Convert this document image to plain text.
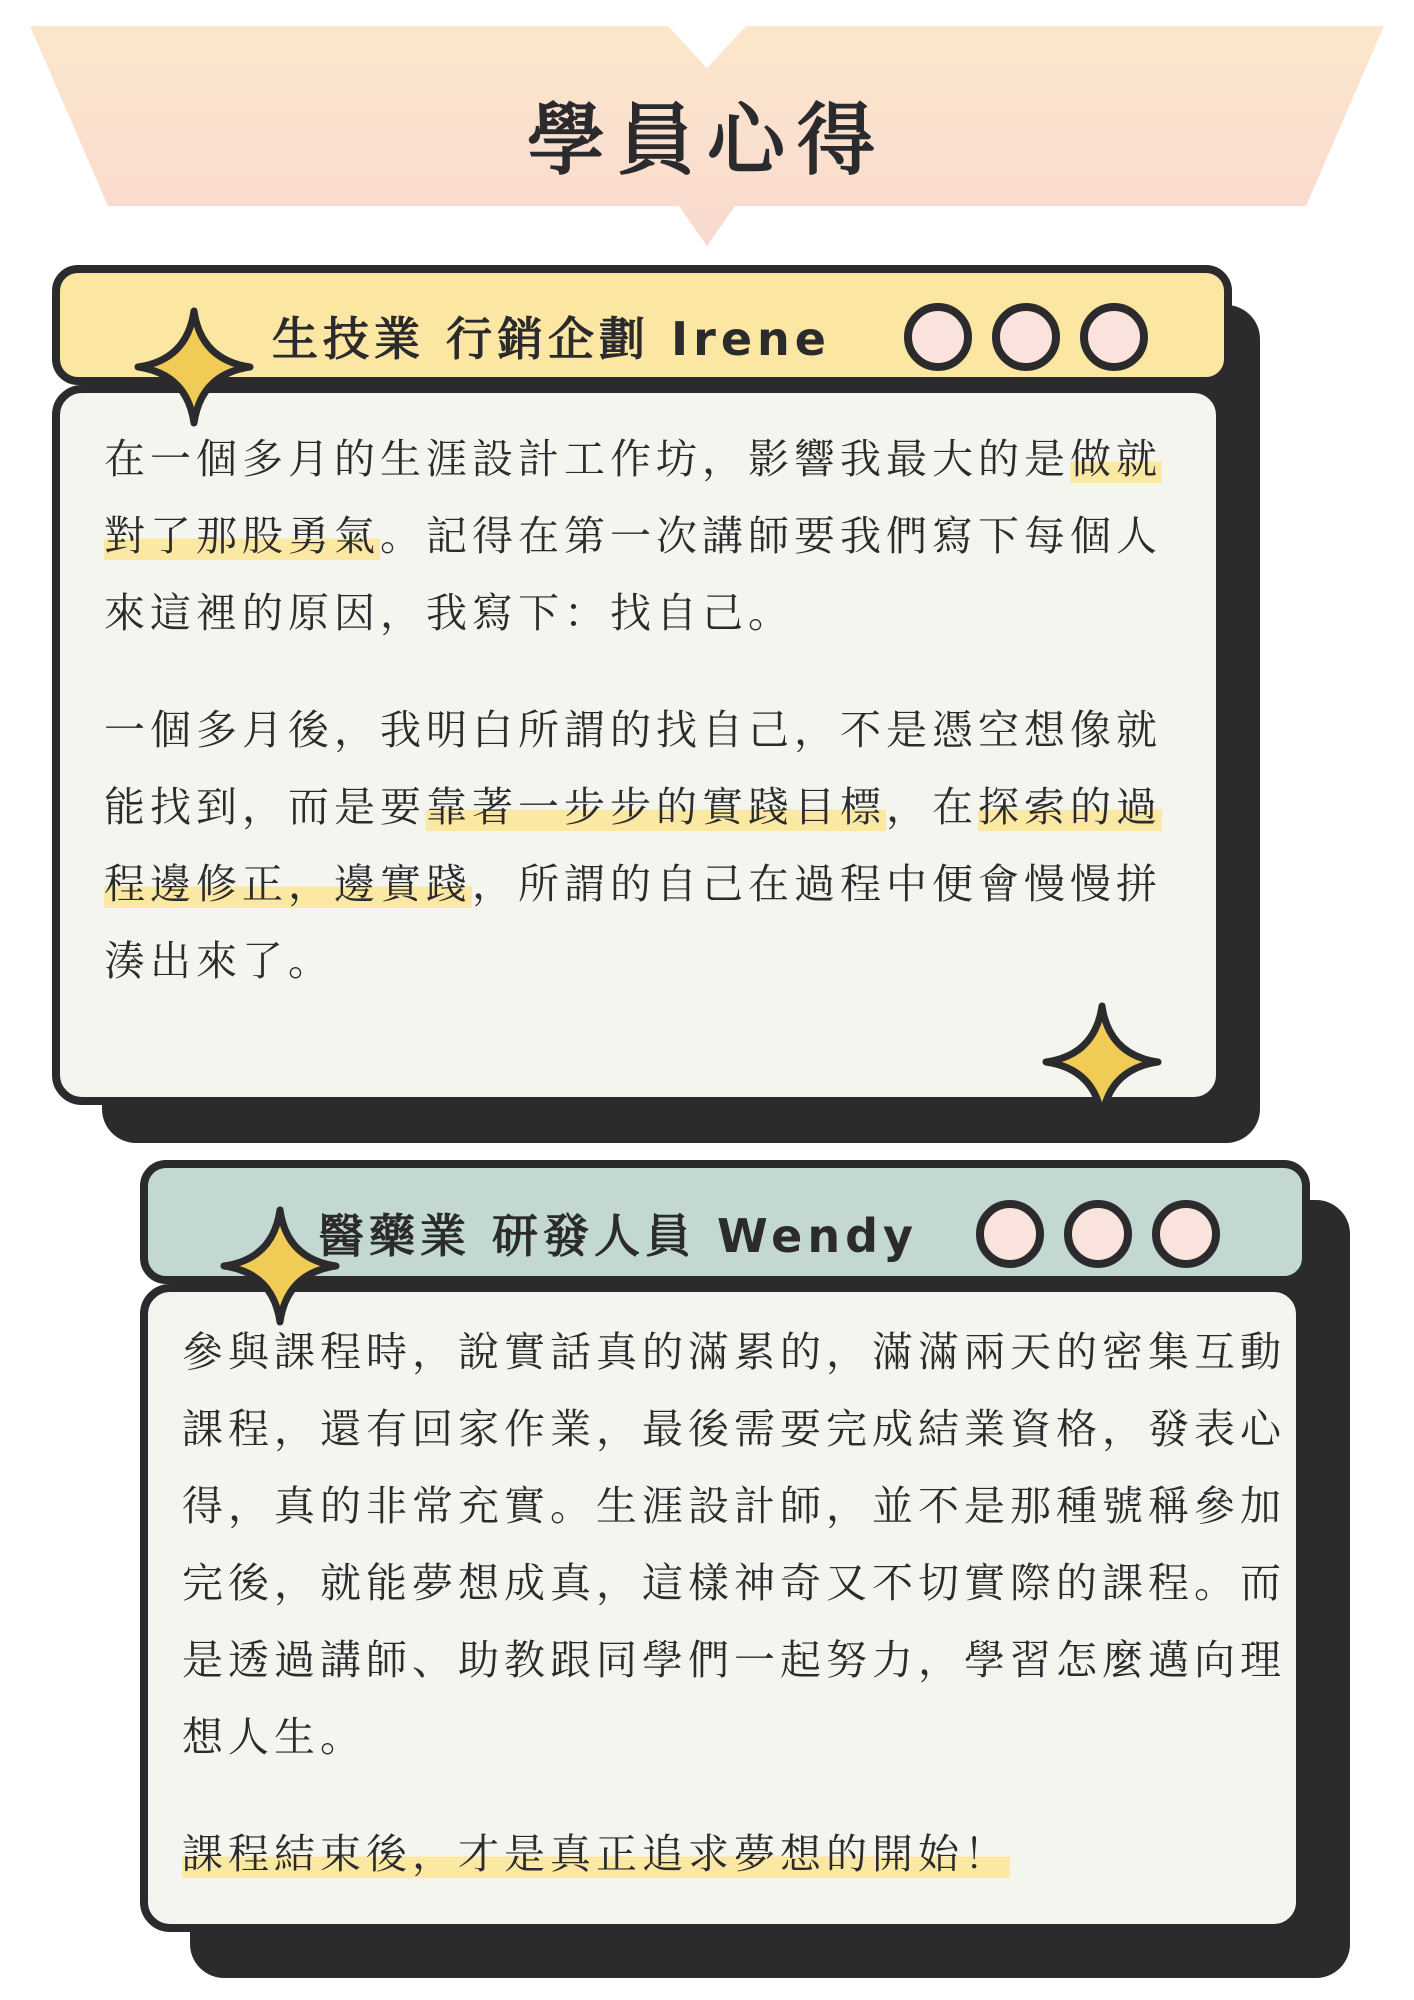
學員心得

在一個多月的生涯設計工作坊，影響我最大的是做就對了那股勇氣。記得在第一次講師要我們寫下每個人來這裡的原因，我寫下：找自己。

一個多月後，我明白所謂的找自己，不是憑空想像就能找到，而是要靠著一步步的實踐目標，在探索的過程邊修正，邊實踐，所謂的自己在過程中便會慢慢拼湊出來了。

生技業 行銷企劃 Irene

參與課程時，說實話真的滿累的，滿滿兩天的密集互動課程，還有回家作業，最後需要完成結業資格，發表心得，真的非常充實。生涯設計師，並不是那種號稱參加完後，就能夢想成真，這樣神奇又不切實際的課程。而是透過講師、助教跟同學們一起努力，學習怎麼邁向理想人生。

課程結束後，才是真正追求夢想的開始！

醫藥業 研發人員 Wendy
